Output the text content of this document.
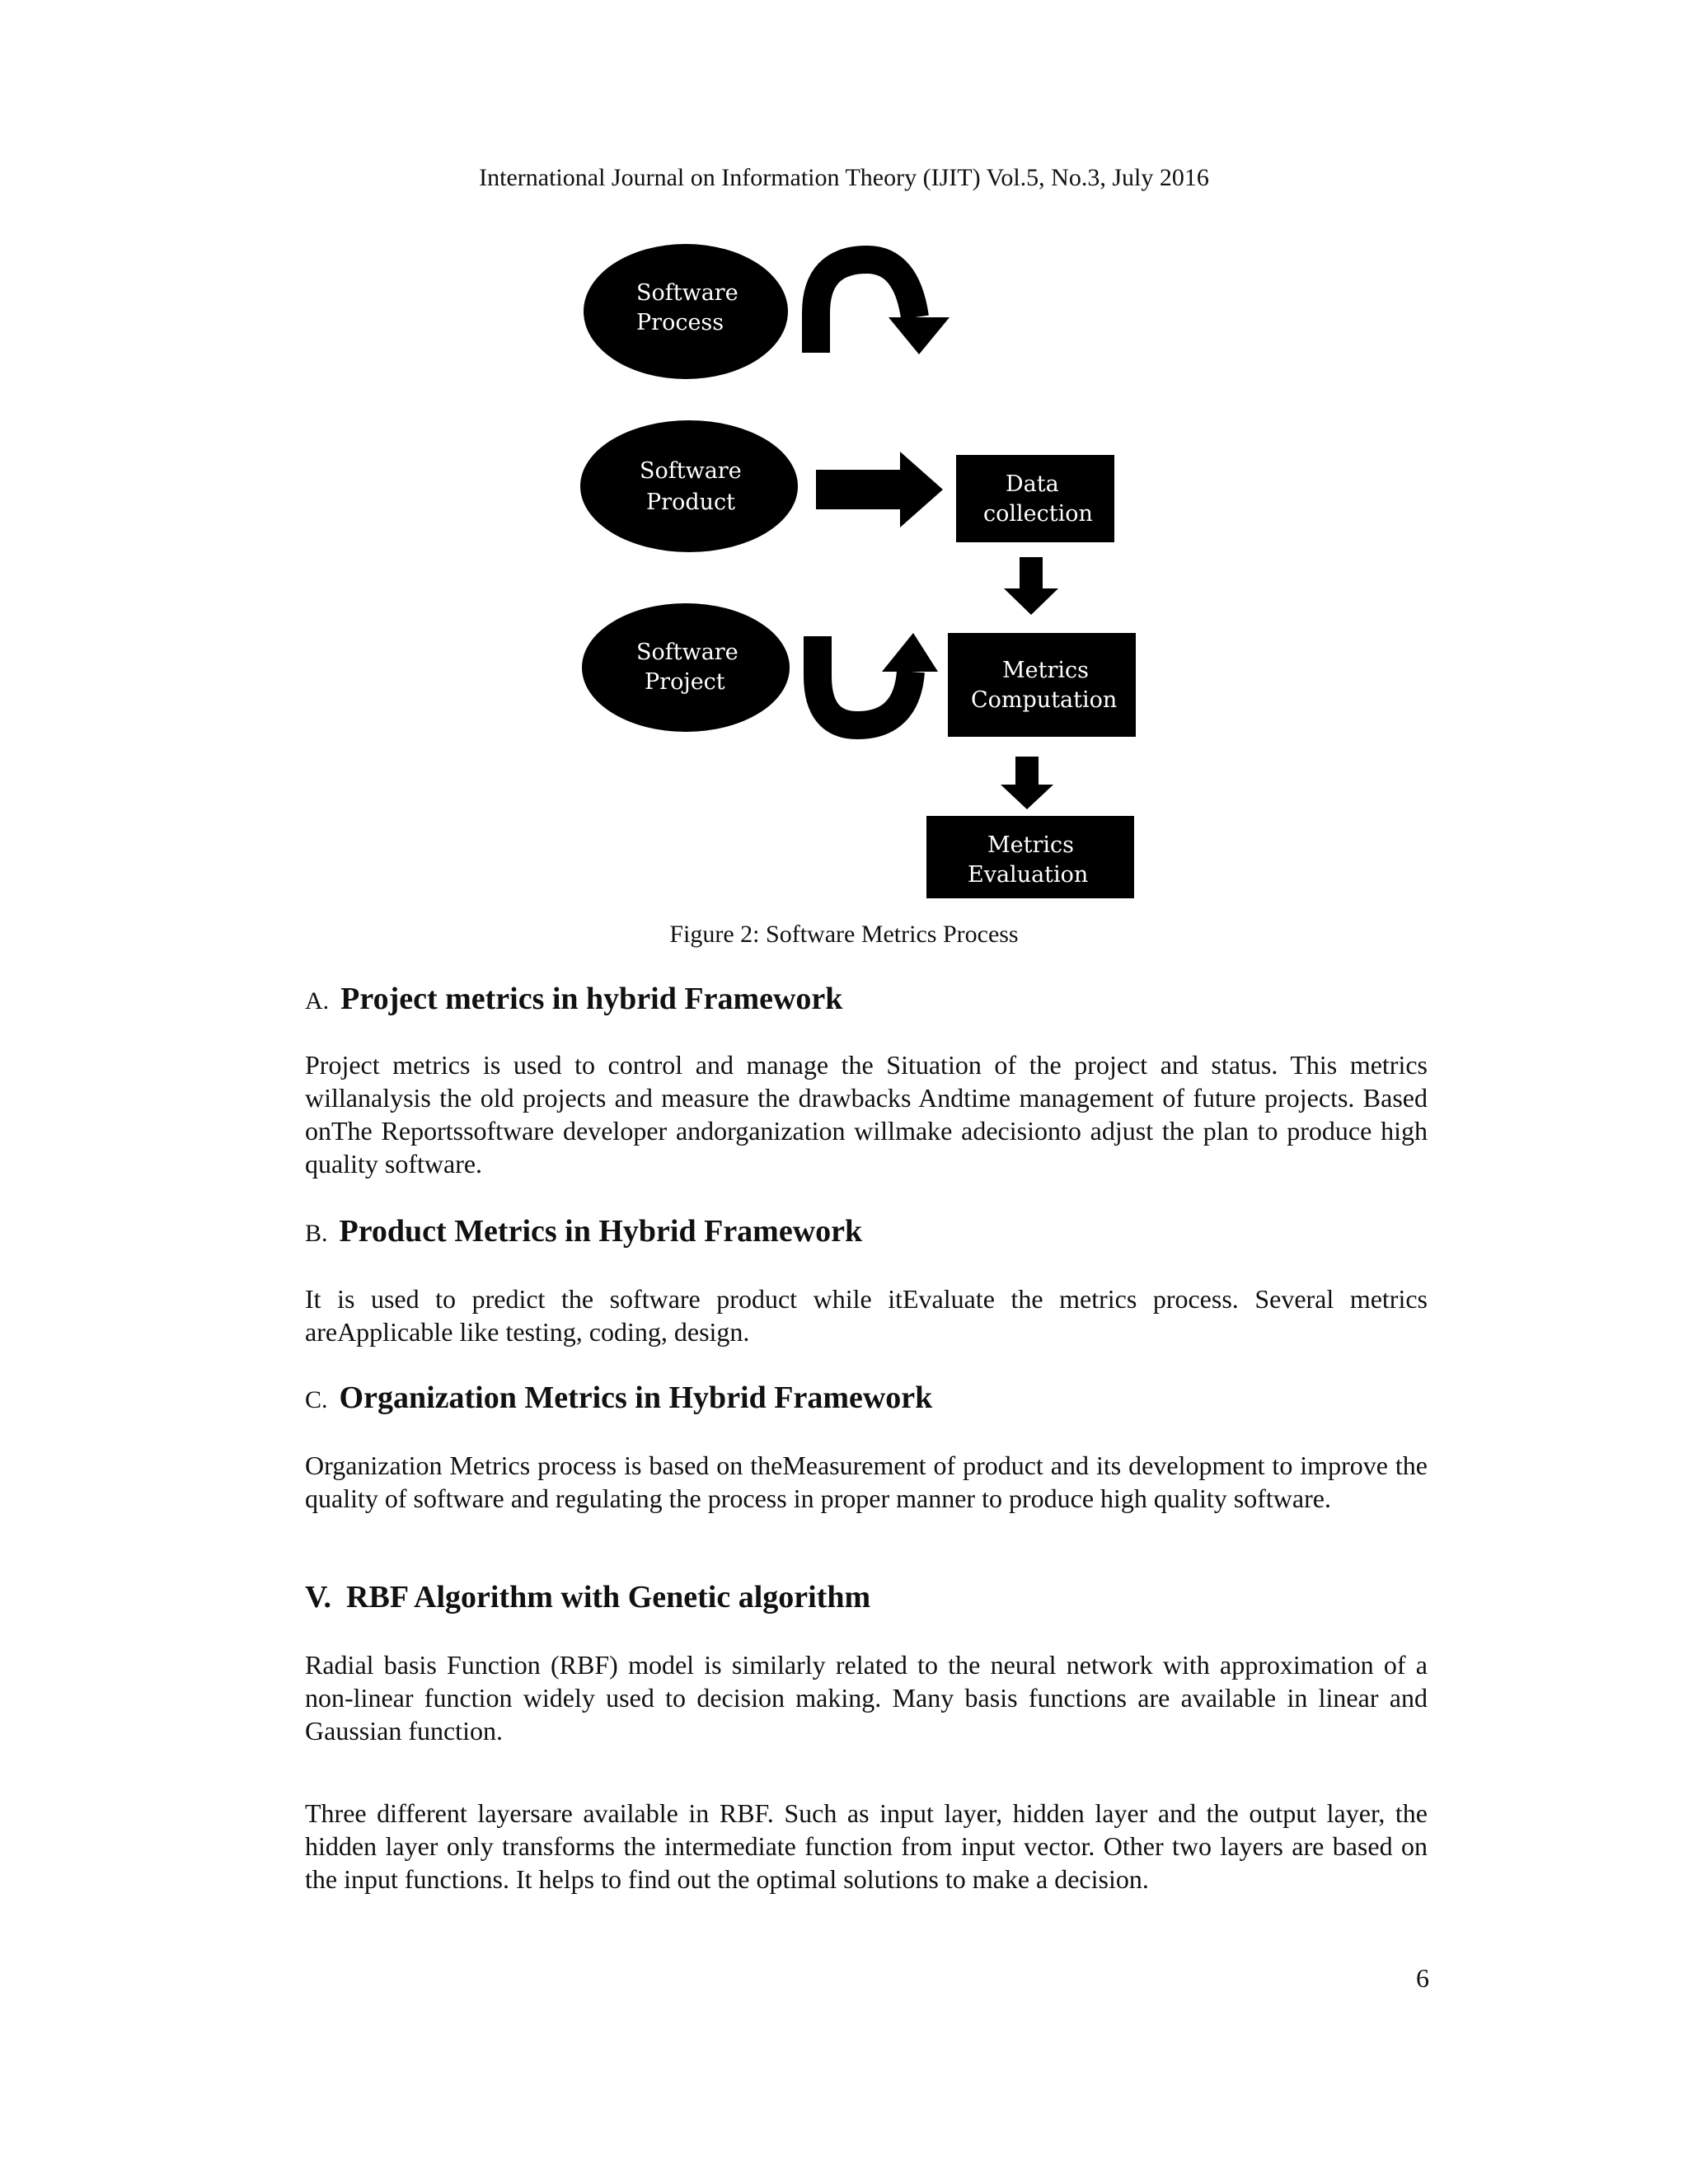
International Journal on Information Theory (IJIT) Vol.5, No.3, July 2016
Software
Process
Software
Product
Data
collection
Software
Project	Metrics
Computation
Metrics
Evaluation
Figure 2: Software Metrics Process
A. Project metrics in hybrid Framework

Project metrics is used to control and manage the Situation of the project and status. This metrics willanalysis the old projects and measure the drawbacks Andtime management of future projects. Based onThe Reportssoftware developer andorganization willmake adecisionto adjust the plan to produce high quality software.

B. Product Metrics in Hybrid Framework

It is used to predict the software product while itEvaluate the metrics process. Several metrics areApplicable like testing, coding, design.

C. Organization Metrics in Hybrid Framework

Organization Metrics process is based on theMeasurement of product and its development to improve the quality of software and regulating the process in proper manner to produce high quality software.

V. RBF Algorithm with Genetic algorithm

Radial basis Function (RBF) model is similarly related to the neural network with approximation of a non-linear function widely used to decision making. Many basis functions are available in linear and Gaussian function.

Three different layersare available in RBF. Such as input layer, hidden layer and the output layer, the hidden layer only transforms the intermediate function from input vector. Other two layers are based on the input functions. It helps to find out the optimal solutions to make a decision.

6
